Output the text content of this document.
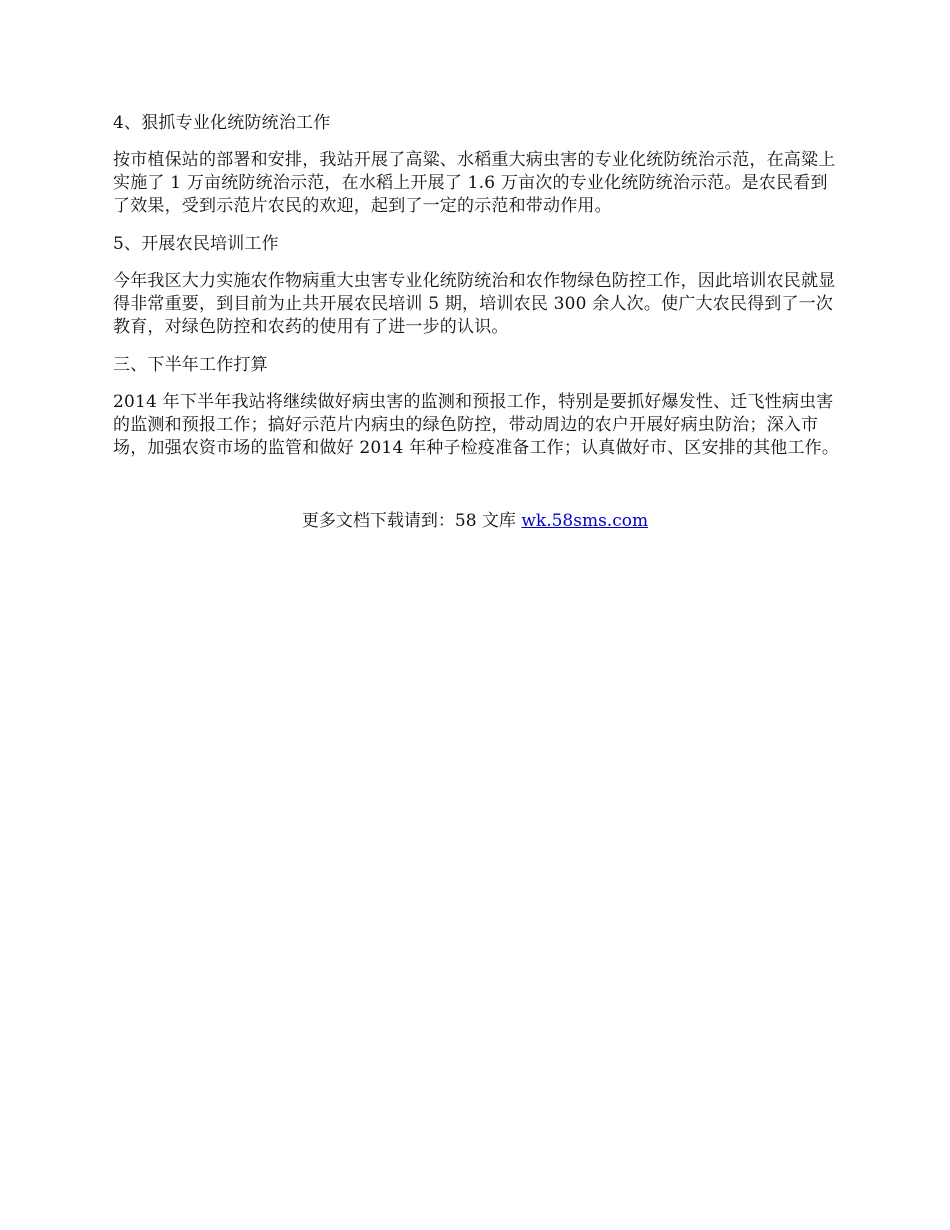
4、狠抓专业化统防统治工作

按市植保站的部署和安排，我站开展了高粱、水稻重大病虫害的专业化统防统治示范，在高粱上实施了 1 万亩统防统治示范，在水稻上开展了 1.6 万亩次的专业化统防统治示范。是农民看到了效果，受到示范片农民的欢迎，起到了一定的示范和带动作用。

5、开展农民培训工作

今年我区大力实施农作物病重大虫害专业化统防统治和农作物绿色防控工作，因此培训农民就显得非常重要，到目前为止共开展农民培训 5 期，培训农民 300 余人次。使广大农民得到了一次教育，对绿色防控和农药的使用有了进一步的认识。

三、下半年工作打算

2014 年下半年我站将继续做好病虫害的监测和预报工作，特别是要抓好爆发性、迁飞性病虫害的监测和预报工作；搞好示范片内病虫的绿色防控，带动周边的农户开展好病虫防治；深入市场，加强农资市场的监管和做好 2014 年种子检疫准备工作；认真做好市、区安排的其他工作。

更多文档下载请到：58 文库 wk.58sms.com
